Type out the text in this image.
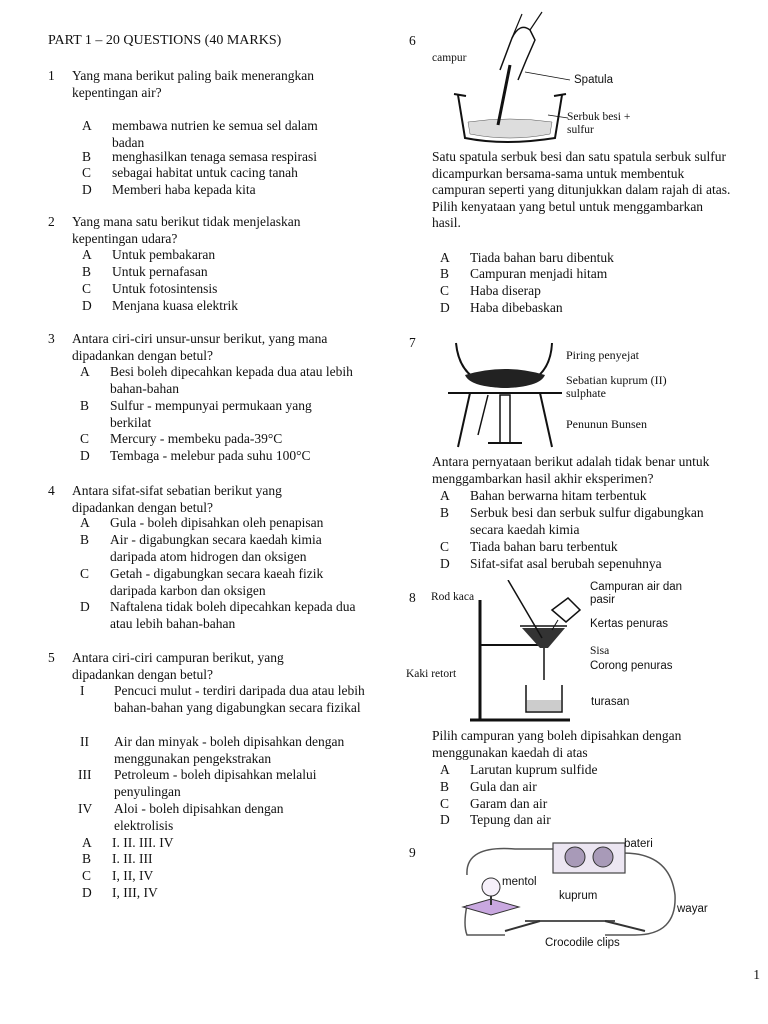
PART 1 – 20 QUESTIONS (40 MARKS)
1	Yang mana berikut paling baik menerangkan kepentingan air?
A membawa nutrien ke semua sel dalam badan
B menghasilkan tenaga semasa respirasi
C sebagai habitat untuk cacing tanah
D Memberi haba kepada kita
2	Yang mana satu berikut tidak menjelaskan kepentingan udara?
A Untuk pembakaran
B Untuk pernafasan
C Untuk fotosintensis
D Menjana kuasa elektrik
3	Antara ciri-ciri unsur-unsur berikut, yang mana dipadankan dengan betul?
A Besi boleh dipecahkan kepada dua atau lebih bahan-bahan
B Sulfur - mempunyai permukaan yang berkilat
C Mercury - membeku pada-39°C
D Tembaga - melebur pada suhu 100°C
4	Antara sifat-sifat sebatian berikut yang dipadankan dengan betul?
A Gula - boleh dipisahkan oleh penapisan
B Air - digabungkan secara kaedah kimia daripada atom hidrogen dan oksigen
C Getah - digabungkan secara kaeah fizik daripada karbon dan oksigen
D Naftalena tidak boleh dipecahkan kepada dua atau lebih bahan-bahan
5	Antara ciri-ciri campuran berikut, yang dipadankan dengan betul?
I Pencuci mulut - terdiri daripada dua atau lebih bahan-bahan yang digabungkan secara fizikal
II Air dan minyak - boleh dipisahkan dengan menggunakan pengekstrakan
III Petroleum - boleh dipisahkan melalui penyulingan
IV Aloi - boleh dipisahkan dengan elektrolisis
A I. II. III. IV
B I. II. III
C I, II, IV
D I, III, IV
6
campur
Spatula
Serbuk besi + sulfur
Satu spatula serbuk besi dan satu spatula serbuk sulfur dicampurkan bersama-sama untuk membentuk campuran seperti yang ditunjukkan dalam rajah di atas. Pilih kenyataan yang betul untuk menggambarkan hasil.
A Tiada bahan baru dibentuk
B Campuran menjadi hitam
C Haba diserap
D Haba dibebaskan
7
Piring penyejat
Sebatian kuprum (II) sulphate
Penunun Bunsen
Antara pernyataan berikut adalah tidak benar untuk menggambarkan hasil akhir eksperimen?
A Bahan berwarna hitam terbentuk
B Serbuk besi dan serbuk sulfur digabungkan secara kaedah kimia
C Tiada bahan baru terbentuk
D Sifat-sifat asal berubah sepenuhnya
8 Rod kaca
Campuran air dan pasir
Kertas penuras
Sisa
Corong penuras
Kaki retort
turasan
Pilih campuran yang boleh dipisahkan dengan menggunakan kaedah di atas
A Larutan kuprum sulfide
B Gula dan air
C Garam dan air
D Tepung dan air
9
bateri
mentol
kuprum
wayar
Crocodile clips
1
